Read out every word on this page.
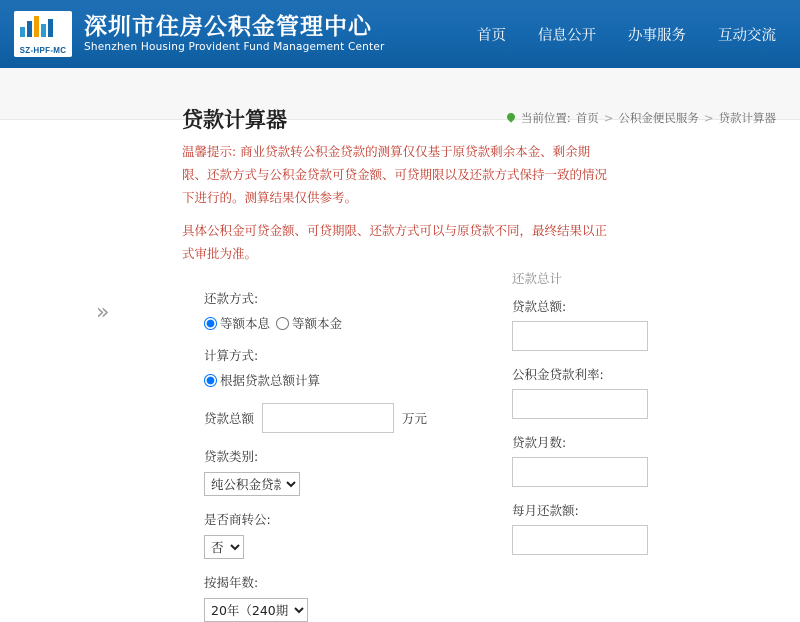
SZ-HPF-MC
深圳市住房公积金管理中心
Shenzhen Housing Provident Fund Management Center
首页 信息公开 办事服务 互动交流
贷款计算器	当前位置: 首页 > 公积金便民服务 > 贷款计算器

温馨提示: 商业贷款转公积金贷款的测算仅仅基于原贷款剩余本金、剩余期限、还款方式与公积金贷款可贷金额、可贷期限以及还款方式保持一致的情况下进行的。测算结果仅供参考。

具体公积金可贷金额、可贷期限、还款方式可以与原贷款不同，最终结果以正式审批为准。

»
还款方式:
等额本息 等额本金
计算方式:
根据贷款总额计算
贷款总额	万元
贷款类别:
纯公积金贷款
是否商转公:
否
按揭年数:
20年（240期）
还款总计
贷款总额:
公积金贷款利率:
贷款月数:
每月还款额:
